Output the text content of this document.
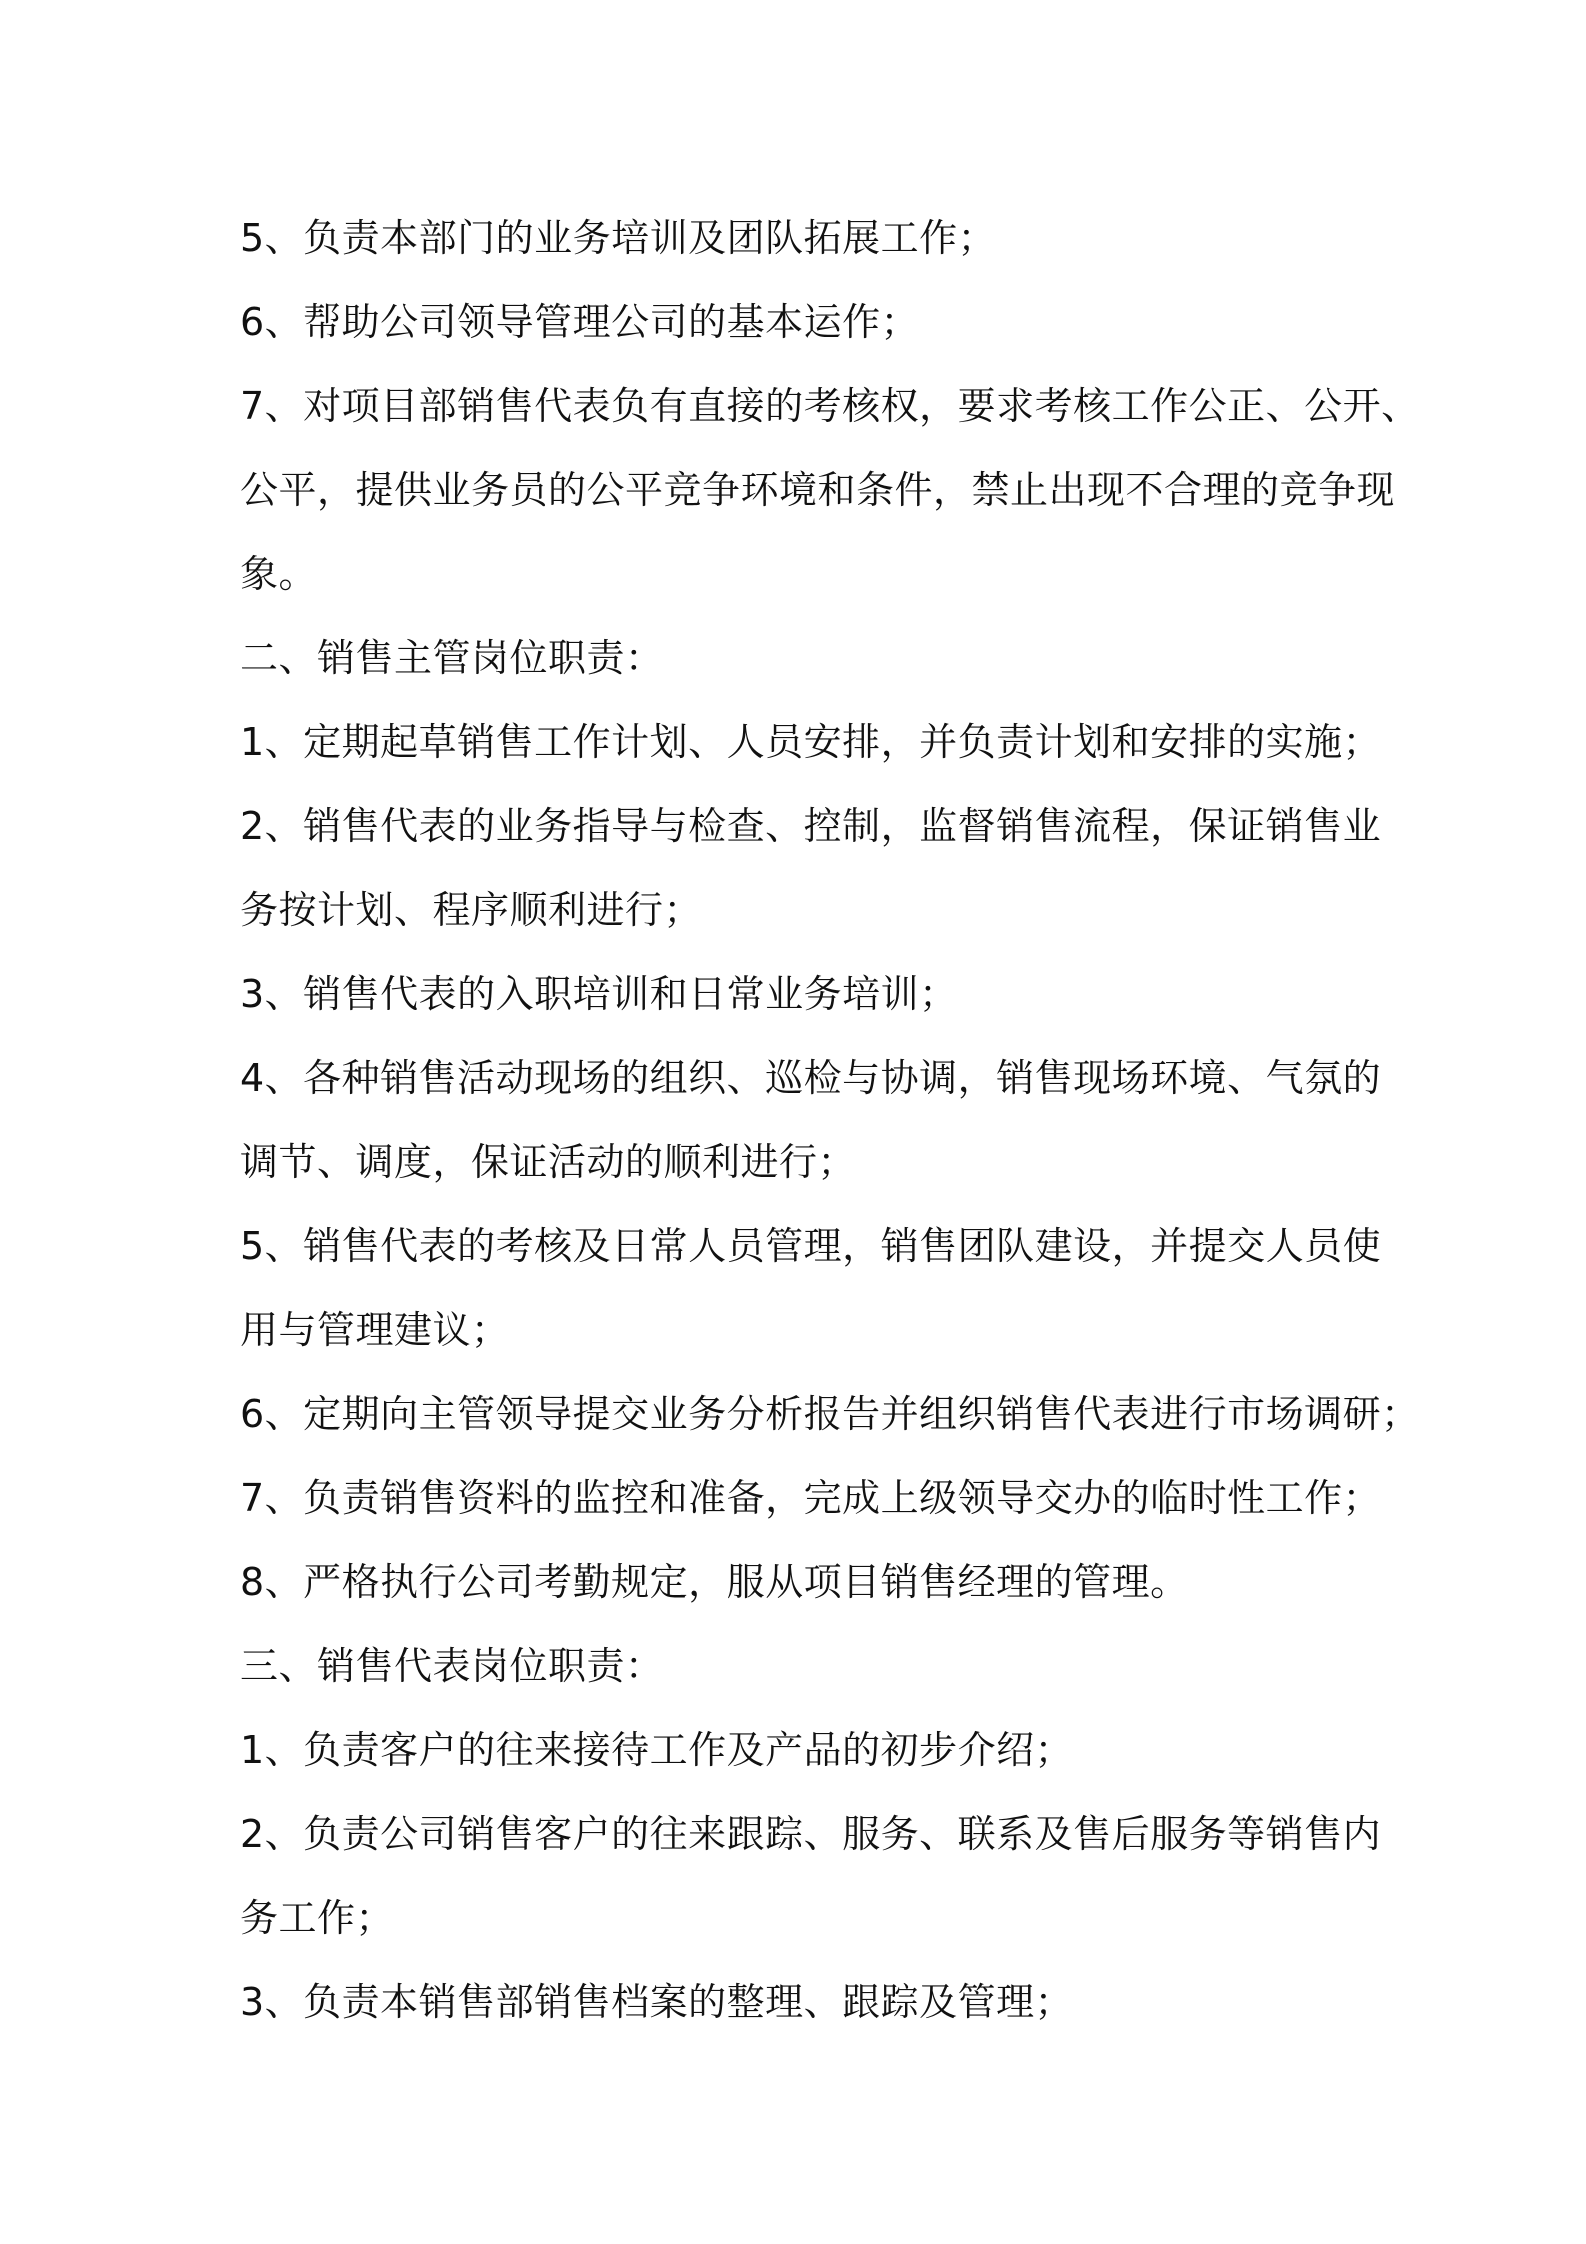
5、负责本部门的业务培训及团队拓展工作；
6、帮助公司领导管理公司的基本运作；
7、对项目部销售代表负有直接的考核权，要求考核工作公正、公开、
公平，提供业务员的公平竞争环境和条件，禁止出现不合理的竞争现
象。
二、销售主管岗位职责：
1、定期起草销售工作计划、人员安排，并负责计划和安排的实施；
2、销售代表的业务指导与检查、控制，监督销售流程，保证销售业
务按计划、程序顺利进行；
3、销售代表的入职培训和日常业务培训；
4、各种销售活动现场的组织、巡检与协调，销售现场环境、气氛的
调节、调度，保证活动的顺利进行；
5、销售代表的考核及日常人员管理，销售团队建设，并提交人员使
用与管理建议；
6、定期向主管领导提交业务分析报告并组织销售代表进行市场调研；
7、负责销售资料的监控和准备，完成上级领导交办的临时性工作；
8、严格执行公司考勤规定，服从项目销售经理的管理。
三、销售代表岗位职责：
1、负责客户的往来接待工作及产品的初步介绍；
2、负责公司销售客户的往来跟踪、服务、联系及售后服务等销售内
务工作；
3、负责本销售部销售档案的整理、跟踪及管理；
